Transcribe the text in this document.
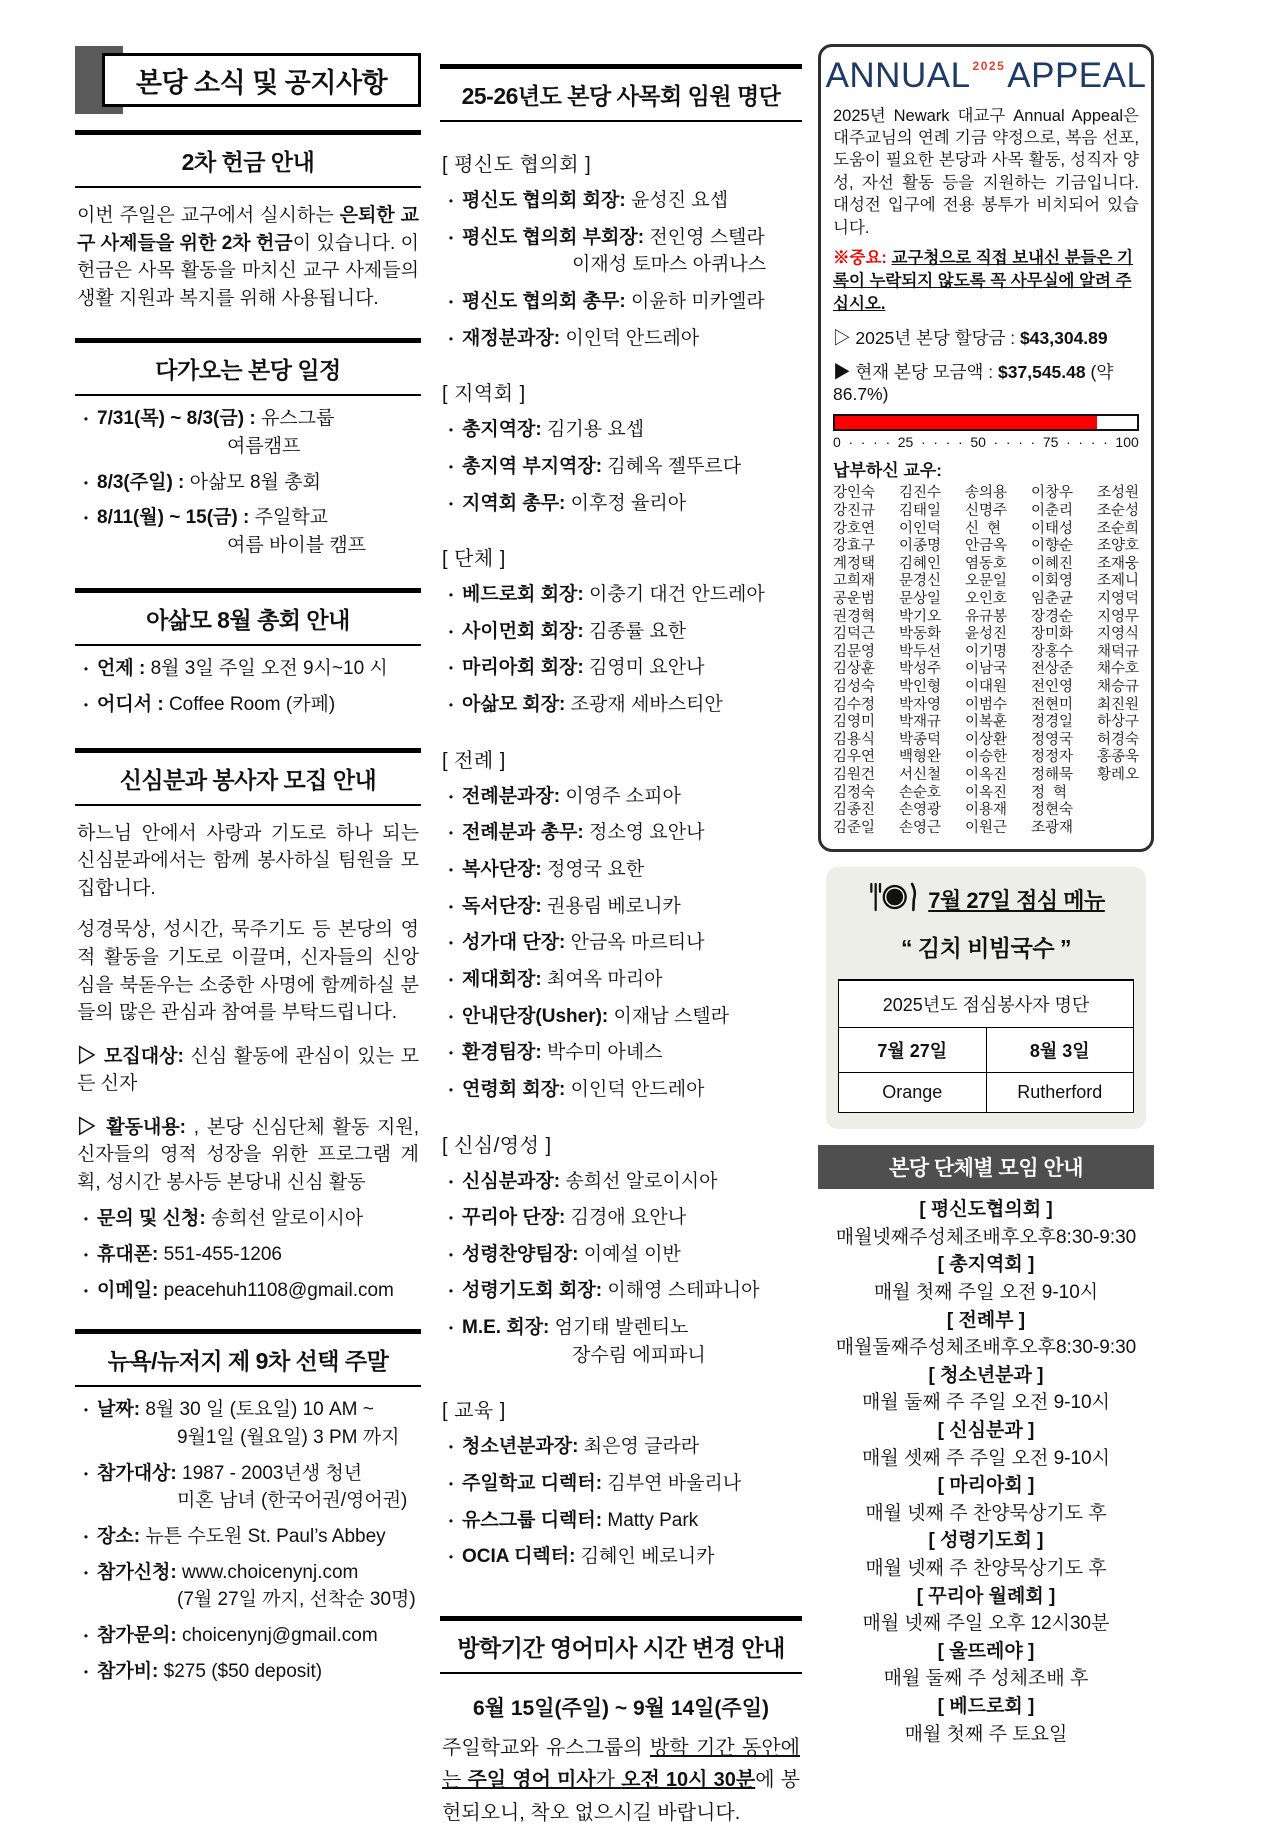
본당 소식 및 공지사항
2차 헌금 안내

이번 주일은 교구에서 실시하는 은퇴한 교구 사제들을 위한 2차 헌금이 있습니다. 이 헌금은 사목 활동을 마치신 교구 사제들의 생활 지원과 복지를 위해 사용됩니다.

다가오는 본당 일정
• 7/31(목) ~ 8/3(금) : 유스그룹
여름캠프
• 8/3(주일) : 아삶모 8월 총회
• 8/11(월) ~ 15(금) : 주일학교
여름 바이블 캠프
아삶모 8월 총회 안내
• 언제 : 8월 3일 주일 오전 9시~10 시
• 어디서 : Coffee Room (카페)
신심분과 봉사자 모집 안내

하느님 안에서 사랑과 기도로 하나 되는 신심분과에서는 함께 봉사하실 팀원을 모집합니다.

성경묵상, 성시간, 묵주기도 등 본당의 영적 활동을 기도로 이끌며, 신자들의 신앙심을 북돋우는 소중한 사명에 함께하실 분들의 많은 관심과 참여를 부탁드립니다.

▷ 모집대상: 신심 활동에 관심이 있는 모든 신자

▷ 활동내용: , 본당 신심단체 활동 지원, 신자들의 영적 성장을 위한 프로그램 계획, 성시간 봉사등 본당내 신심 활동

• 문의 및 신청: 송희선 알로이시아
• 휴대폰: 551-455-1206
• 이메일: peacehuh1108@gmail.com
뉴욕/뉴저지 제 9차 선택 주말
• 날짜: 8월 30 일 (토요일) 10 AM ~
9월1일 (월요일) 3 PM 까지
• 참가대상: 1987 - 2003년생 청년
미혼 남녀 (한국어권/영어권)
• 장소: 뉴튼 수도원 St. Paul’s Abbey
• 참가신청: www.choicenynj.com
(7월 27일 까지, 선착순 30명)
• 참가문의: choicenynj@gmail.com
• 참가비: $275 ($50 deposit)
25-26년도 본당 사목회 임원 명단
[ 평신도 협의회 ]
• 평신도 협의회 회장: 윤성진 요셉
• 평신도 협의회 부회장: 전인영 스텔라
이재성 토마스 아퀴나스
• 평신도 협의회 총무: 이윤하 미카엘라
• 재정분과장: 이인덕 안드레아
[ 지역회 ]
• 총지역장: 김기용 요셉
• 총지역 부지역장: 김혜옥 젤뚜르다
• 지역회 총무: 이후정 율리아
[ 단체 ]
• 베드로회 회장: 이충기 대건 안드레아
• 사이먼회 회장: 김종률 요한
• 마리아회 회장: 김영미 요안나
• 아삶모 회장: 조광재 세바스티안
[ 전례 ]
• 전례분과장: 이영주 소피아
• 전례분과 총무: 정소영 요안나
• 복사단장: 정영국 요한
• 독서단장: 권용림 베로니카
• 성가대 단장: 안금옥 마르티나
• 제대회장: 최여옥 마리아
• 안내단장(Usher): 이재남 스텔라
• 환경팀장: 박수미 아녜스
• 연령회 회장: 이인덕 안드레아
[ 신심/영성 ]
• 신심분과장: 송희선 알로이시아
• 꾸리아 단장: 김경애 요안나
• 성령찬양팀장: 이예설 이반
• 성령기도회 회장: 이해영 스테파니아
• M.E. 회장: 엄기태 발렌티노
장수림 에피파니
[ 교육 ]
• 청소년분과장: 최은영 글라라
• 주일학교 디렉터: 김부연 바울리나
• 유스그룹 디렉터: Matty Park
• OCIA 디렉터: 김혜인 베로니카
방학기간 영어미사 시간 변경 안내
6월 15일(주일) ~ 9월 14일(주일)

주일학교와 유스그룹의 방학 기간 동안에는 주일 영어 미사가 오전 10시 30분에 봉헌되오니, 착오 없으시길 바랍니다.

ANNUAL 2025 APPEAL

2025년 Newark 대교구 Annual Appeal은 대주교님의 연례 기금 약정으로, 복음 선포, 도움이 필요한 본당과 사목 활동, 성직자 양성, 자선 활동 등을 지원하는 기금입니다. 대성전 입구에 전용 봉투가 비치되어 있습니다.

※중요: 교구청으로 직접 보내신 분들은 기록이 누락되지 않도록 꼭 사무실에 알려 주십시오.

▷ 2025년 본당 할당금 : $43,304.89
▶ 현재 본당 모금액 : $37,545.48 (약 86.7%)
0 · · · · 25 · · · · 50 · · · · 75 · · · · 100
납부하신 교우:
강인숙
강진규
강호연
강효구
계정택
고희재
공운범
권경혁
김덕근
김문영
김상훈
김성숙
김수정
김영미
김용식
김우연
김원건
김정숙
김종진
김준일
김진수
김태일
이인덕
이종명
김혜인
문경신
문상일
박기오
박동화
박두선
박성주
박인형
박자영
박재규
박종덕
백형완
서신철
손순호
손영광
손영근
송의용
신명주
신  현
안금옥
염동호
오문일
오인호
유규봉
윤성진
이기명
이남국
이대원
이범수
이복훈
이상환
이승한
이옥진
이옥진
이용재
이원근
이창우
이춘리
이태성
이향순
이혜진
이회영
임춘균
장경순
장미화
장홍수
전상준
전인영
전현미
정경일
정영국
정정자
정해묵
정  혁
정현숙
조광재
조성원
조순성
조순희
조양호
조재웅
조제니
지영덕
지영무
지영식
채덕규
채수호
채승규
최진원
하상구
허경숙
홍종욱
황레오
7월 27일 점심 메뉴
“ 김치 비빔국수 ”
2025년도 점심봉사자 명단
7월 27일	8월 3일
Orange	Rutherford
본당 단체별 모임 안내
[ 평신도협의회 ]
매월넷째주성체조배후오후8:30-9:30
[ 총지역회 ]
매월 첫째 주일 오전 9-10시
[ 전례부 ]
매월둘째주성체조배후오후8:30-9:30
[ 청소년분과 ]
매월 둘째 주 주일 오전 9-10시
[ 신심분과 ]
매월 셋째 주 주일 오전 9-10시
[ 마리아회 ]
매월 넷째 주 찬양묵상기도 후
[ 성령기도회 ]
매월 넷째 주 찬양묵상기도 후
[ 꾸리아 월례회 ]
매월 넷째 주일 오후 12시30분
[ 울뜨레야 ]
매월 둘째 주 성체조배 후
[ 베드로회 ]
매월 첫째 주 토요일
